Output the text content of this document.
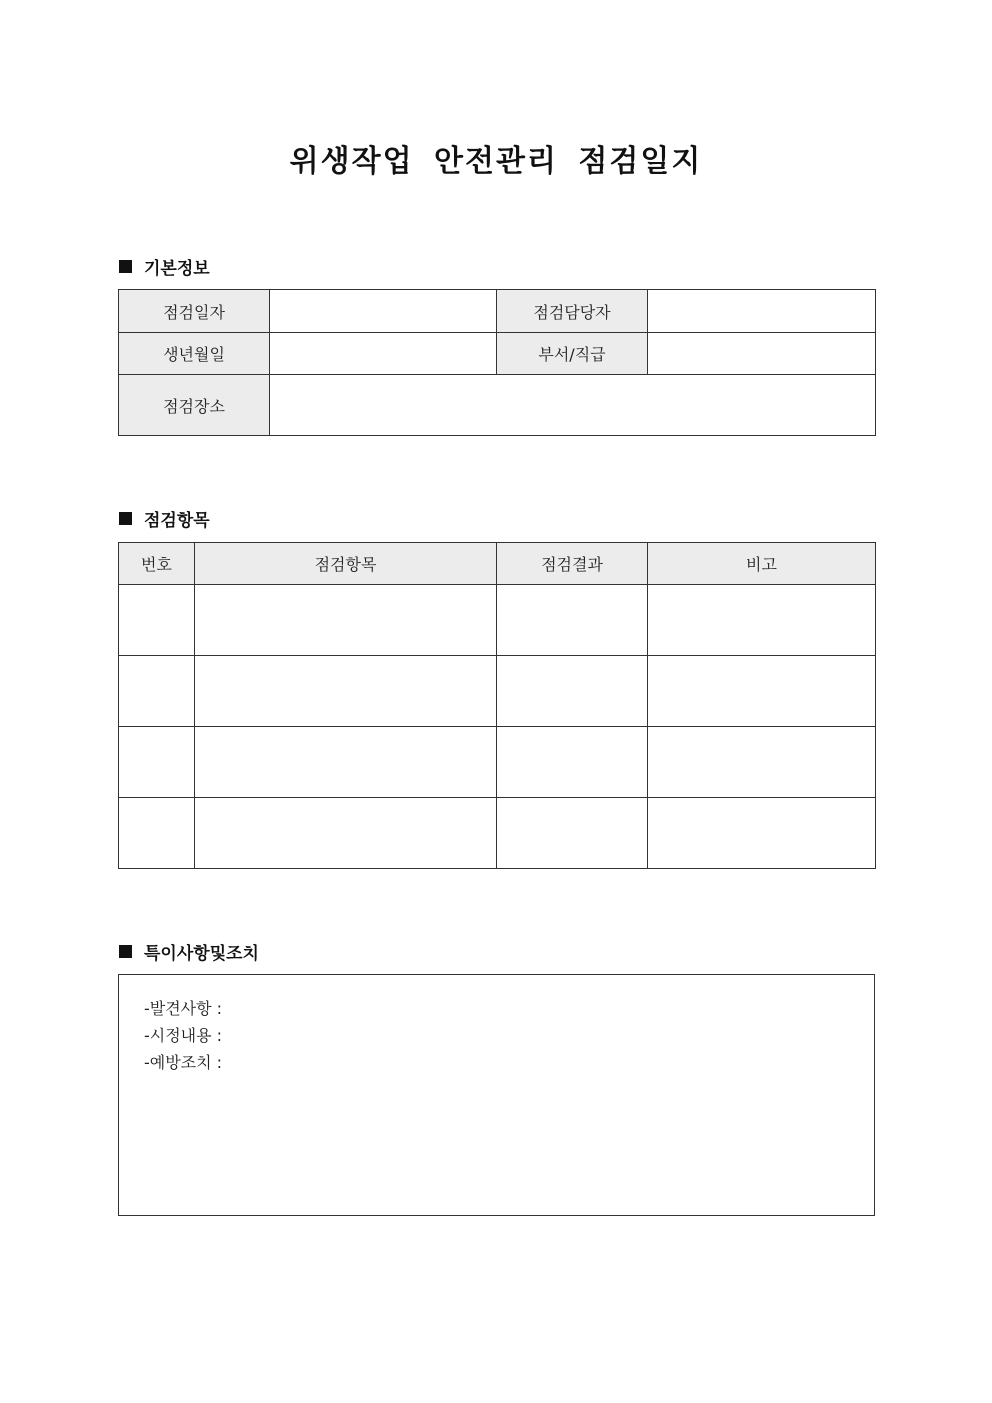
위생작업 안전관리 점검일지
기본정보
점검일자		점검담당자	
생년월일		부서/직급	
점검장소			
점검항목
번호	점검항목	점검결과	비고

특이사항및조치
-발견사항 :
-시정내용 :
-예방조치 :
